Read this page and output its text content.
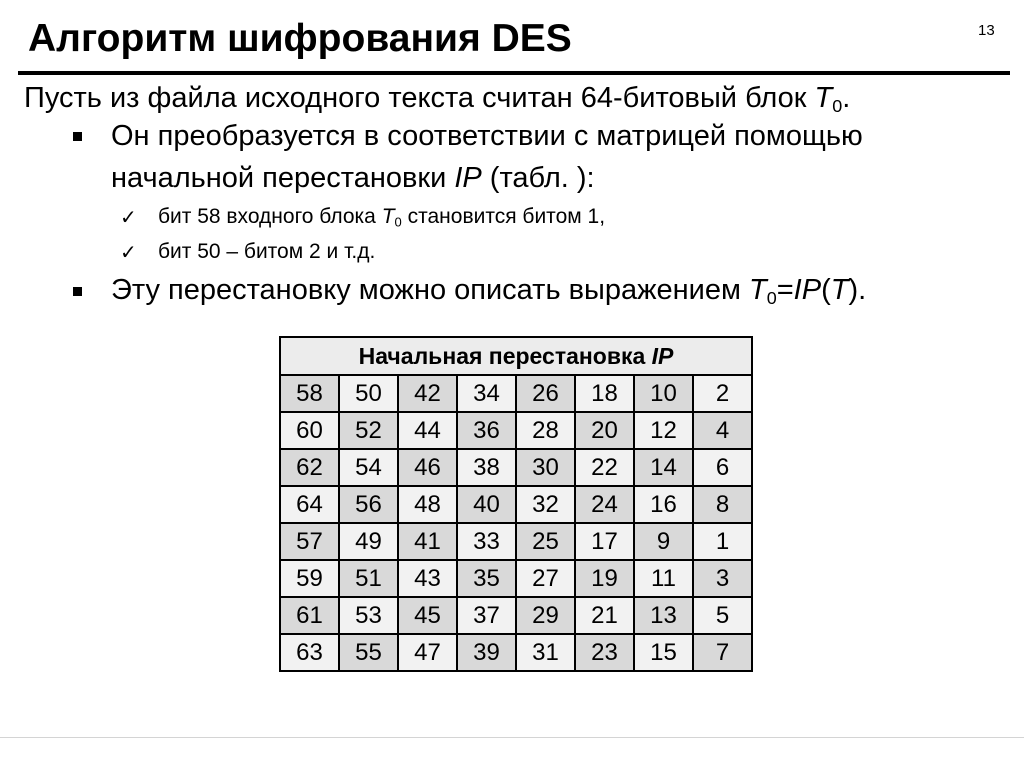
Алгоритм шифрования DES	13
Пусть из файла исходного текста считан 64-битовый блок $T_0$.
Он преобразуется в соответствии с матрицей помощью
начальной перестановки IP (табл. ):
✓ бит 58 входного блока $T_0$ становится битом 1,
✓ бит 50 – битом 2 и т.д.
Эту перестановку можно описать выражением $T_0=IP(T)$.
Начальная перестановка IP							
58	50	42	34	26	18	10	2
60	52	44	36	28	20	12	4
62	54	46	38	30	22	14	6
64	56	48	40	32	24	16	8
57	49	41	33	25	17	9	1
59	51	43	35	27	19	11	3
61	53	45	37	29	21	13	5
63	55	47	39	31	23	15	7
